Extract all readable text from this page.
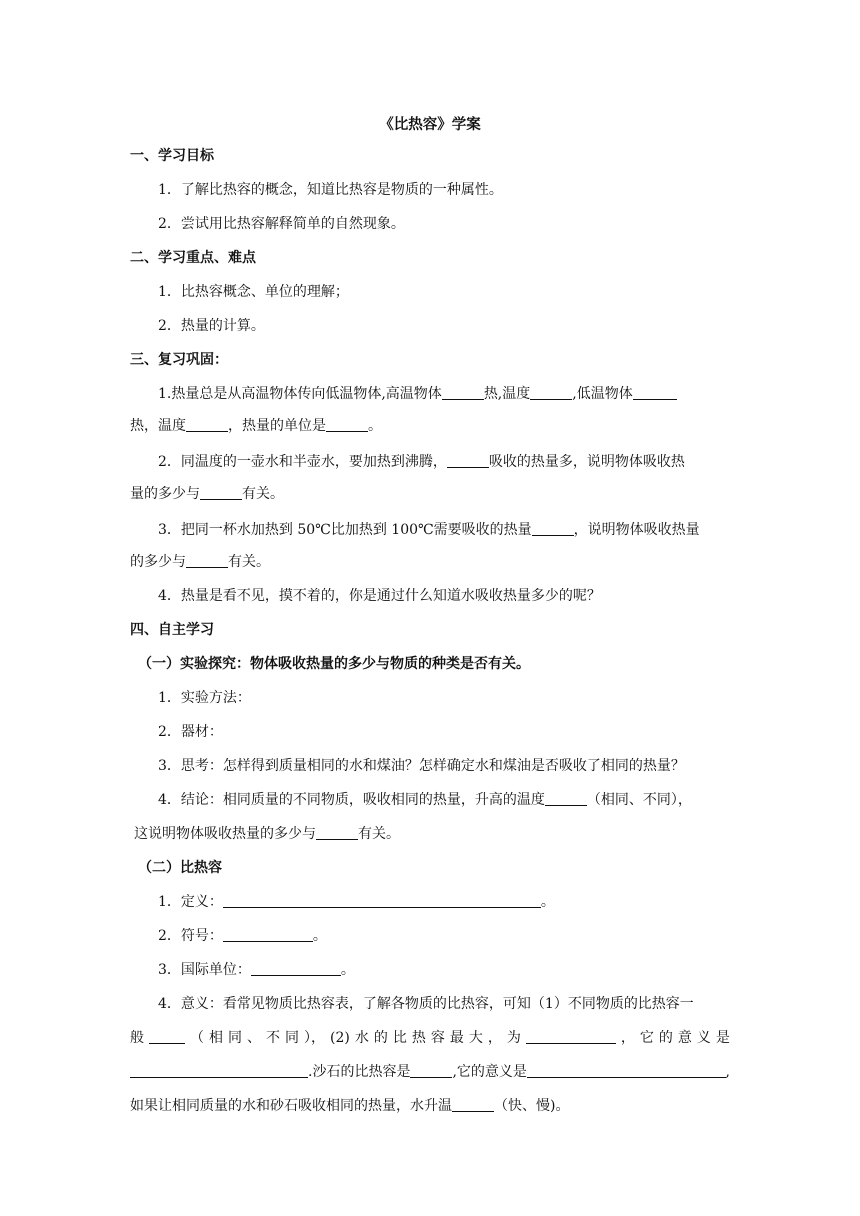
《比热容》学案
一、学习目标
1．了解比热容的概念，知道比热容是物质的一种属性。
2．尝试用比热容解释简单的自然现象。
二、学习重点、难点
1．比热容概念、单位的理解；
2．热量的计算。
三、复习巩固：
1.热量总是从高温物体传向低温物体,高温物体	热,温度	,低温物体
热，温度	，热量的单位是	。
2．同温度的一壶水和半壶水，要加热到沸腾，	吸收的热量多，说明物体吸收热
量的多少与	有关。
3．把同一杯水加热到 50℃比加热到 100℃需要吸收的热量	，说明物体吸收热量
的多少与	有关。
4．热量是看不见，摸不着的，你是通过什么知道水吸收热量多少的呢？
四、自主学习
（一）实验探究：物体吸收热量的多少与物质的种类是否有关。
1．实验方法：
2．器材：
3．思考：怎样得到质量相同的水和煤油？怎样确定水和煤油是否吸收了相同的热量？
4．结论：相同质量的不同物质，吸收相同的热量，升高的温度	（相同、不同），
这说明物体吸收热量的多少与	有关。
（二）比热容
1．定义：	。
2．符号：	。
3．国际单位：	。
4．意义：看常见物质比热容表，了解各物质的比热容，可知（1）不同物质的比热容一
般	（ 相 同 、 不 同 ）， (2) 水 的 比 热 容 最 大 ， 为	， 它 的 意 义 是
.沙石的比热容是	,它的意义是	,
如果让相同质量的水和砂石吸收相同的热量，水升温	（快、慢)。
